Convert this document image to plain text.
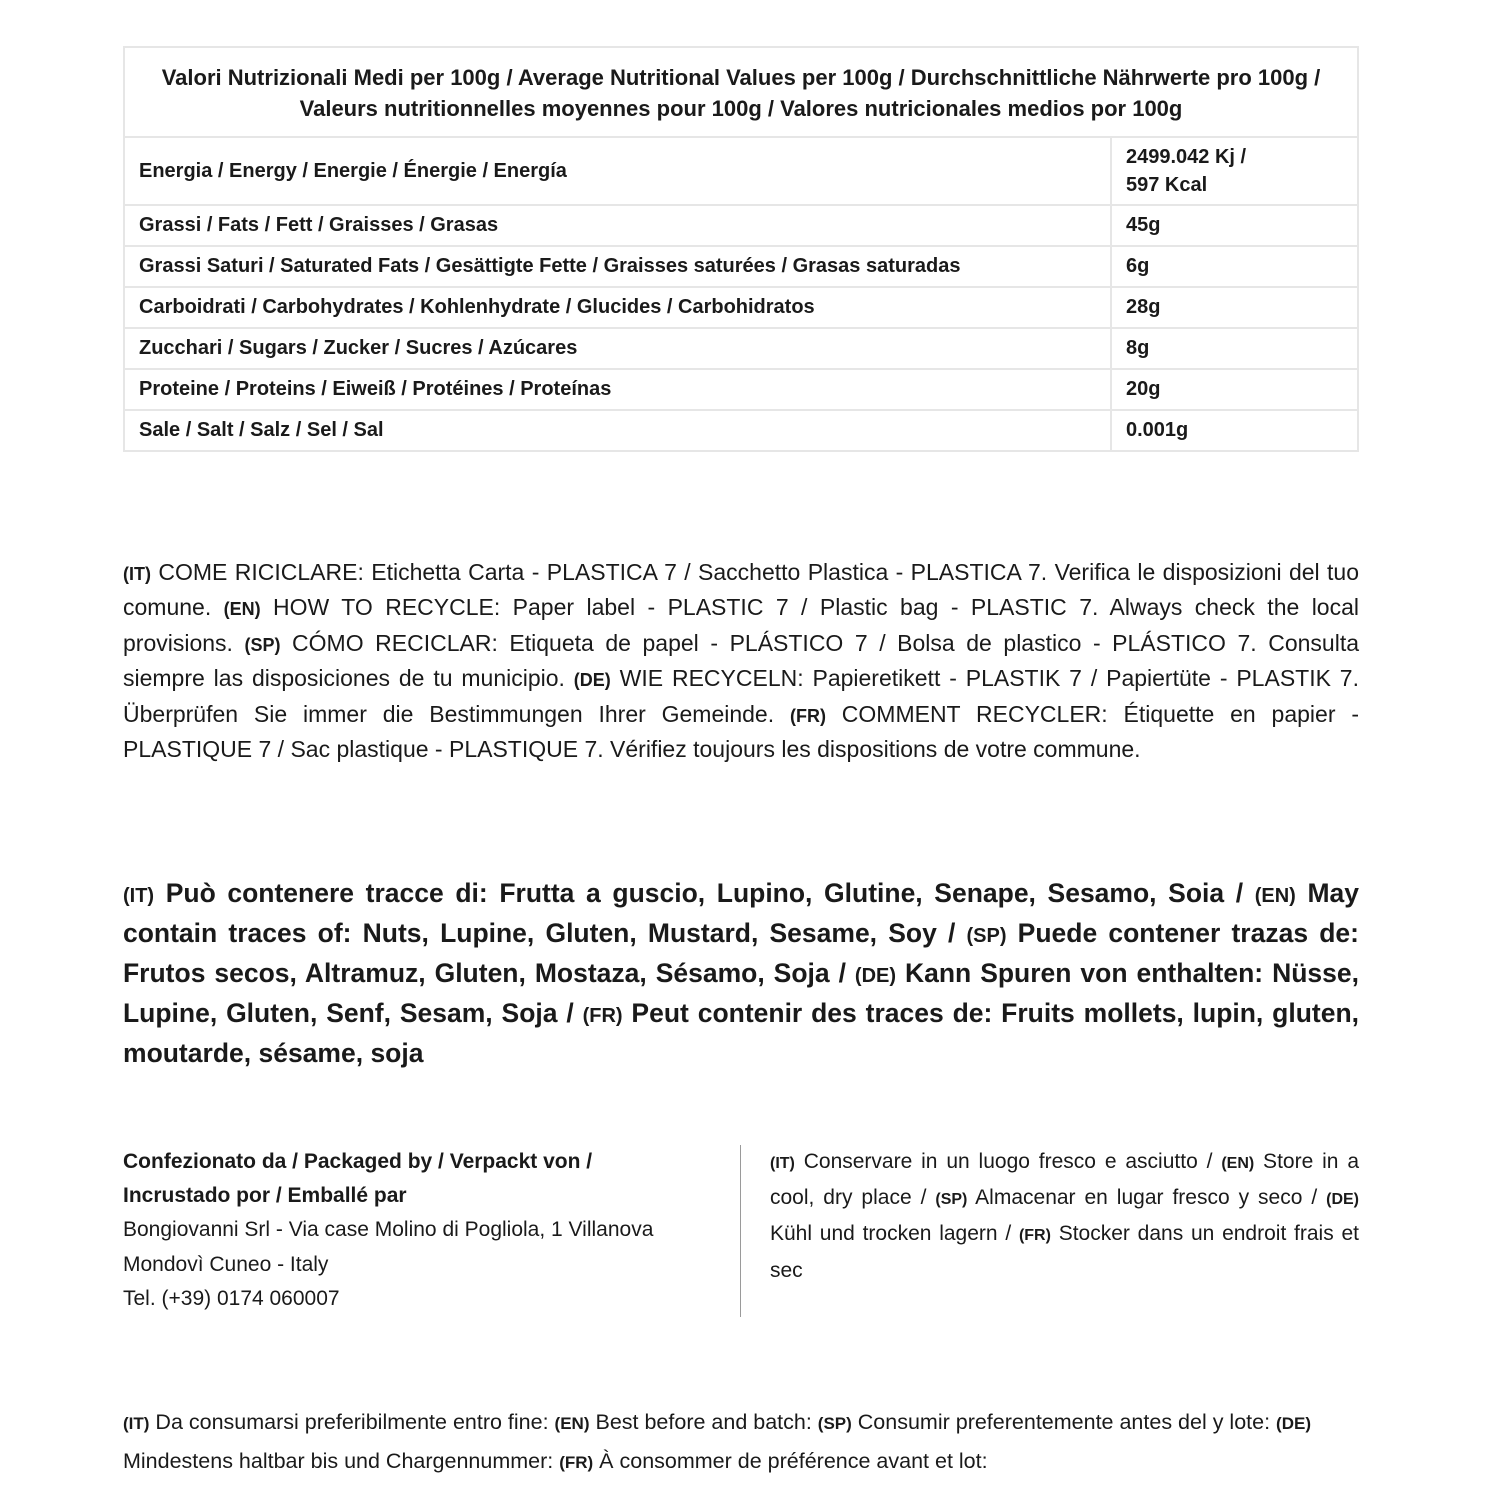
Valori Nutrizionali Medi per 100g / Average Nutritional Values per 100g / Durchschnittliche Nährwerte pro 100g / Valeurs nutritionnelles moyennes pour 100g / Valores nutricionales medios por 100g	
Energia / Energy / Energie / Énergie / Energía	2499.042 Kj /
597 Kcal

Grassi / Fats / Fett / Graisses / Grasas	45g
Grassi Saturi / Saturated Fats / Gesättigte Fette / Graisses saturées / Grasas saturadas	6g
Carboidrati / Carbohydrates / Kohlenhydrate / Glucides / Carbohidratos	28g
Zucchari / Sugars / Zucker / Sucres / Azúcares	8g
Proteine / Proteins / Eiweiß / Protéines / Proteínas	20g
Sale / Salt / Salz / Sel / Sal	0.001g

(IT) COME RICICLARE: Etichetta Carta - PLASTICA 7 / Sacchetto Plastica - PLASTICA 7. Verifica le disposizioni del tuo comune. (EN) HOW TO RECYCLE: Paper label - PLASTIC 7 / Plastic bag - PLASTIC 7. Always check the local provisions. (SP) CÓMO RECICLAR: Etiqueta de papel - PLÁSTICO 7 / Bolsa de plastico - PLÁSTICO 7. Consulta siempre las disposiciones de tu municipio. (DE) WIE RECYCELN: Papieretikett - PLASTIK 7 / Papiertüte - PLASTIK 7. Überprüfen Sie immer die Bestimmungen Ihrer Gemeinde. (FR) COMMENT RECYCLER: Étiquette en papier - PLASTIQUE 7 / Sac plastique - PLASTIQUE 7. Vérifiez toujours les dispositions de votre commune.

(IT) Può contenere tracce di: Frutta a guscio, Lupino, Glutine, Senape, Sesamo, Soia / (EN) May contain traces of: Nuts, Lupine, Gluten, Mustard, Sesame, Soy / (SP) Puede contener trazas de: Frutos secos, Altramuz, Gluten, Mostaza, Sésamo, Soja / (DE) Kann Spuren von enthalten: Nüsse, Lupine, Gluten, Senf, Sesam, Soja / (FR) Peut contenir des traces de: Fruits mollets, lupin, gluten, moutarde, sésame, soja

Confezionato da / Packaged by / Verpackt von /
Incrustado por / Emballé par
Bongiovanni Srl - Via case Molino di Pogliola, 1 Villanova
Mondovì Cuneo - Italy
Tel. (+39) 0174 060007

(IT) Conservare in un luogo fresco e asciutto / (EN) Store in a cool, dry place / (SP) Almacenar en lugar fresco y seco / (DE) Kühl und trocken lagern / (FR) Stocker dans un endroit frais et sec

(IT) Da consumarsi preferibilmente entro fine: (EN) Best before and batch: (SP) Consumir preferentemente antes del y lote: (DE) Mindestens haltbar bis und Chargennummer: (FR) À consommer de préférence avant et lot:
